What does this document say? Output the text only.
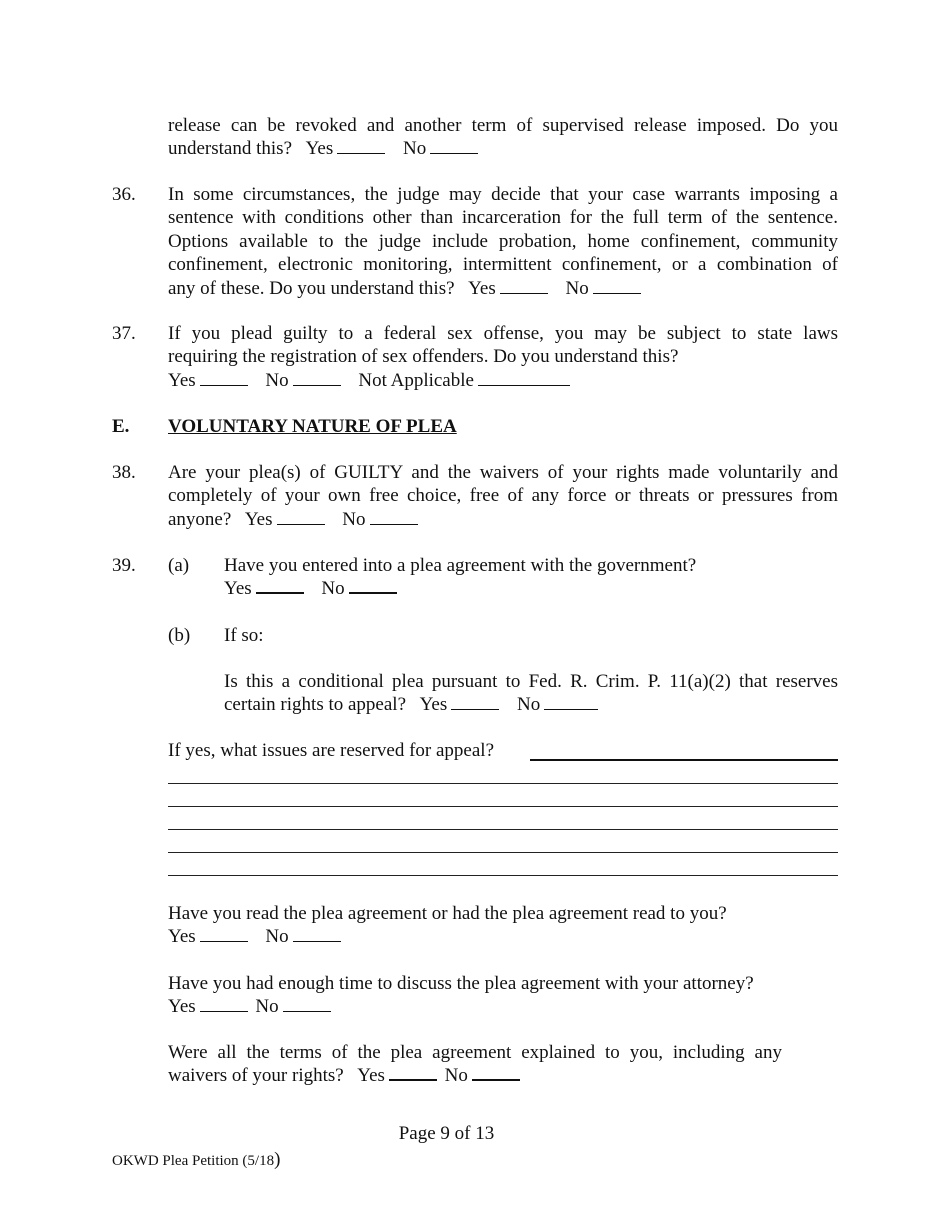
release can be revoked and another term of supervised release imposed. Do you
understand this? Yes	No
36. In some circumstances, the judge may decide that your case warrants imposing a
sentence with conditions other than incarceration for the full term of the sentence.
Options available to the judge include probation, home confinement, community
confinement, electronic monitoring, intermittent confinement, or a combination of
any of these. Do you understand this? Yes	No
37. If you plead guilty to a federal sex offense, you may be subject to state laws
requiring the registration of sex offenders. Do you understand this?
Yes	No	Not Applicable
E. VOLUNTARY NATURE OF PLEA
38. Are your plea(s) of GUILTY and the waivers of your rights made voluntarily and
completely of your own free choice, free of any force or threats or pressures from
anyone? Yes	No
39. (a) Have you entered into a plea agreement with the government?
Yes	No
(b) If so:
Is this a conditional plea pursuant to Fed. R. Crim. P. 11(a)(2) that reserves
certain rights to appeal? Yes	No
If yes, what issues are reserved for appeal?
Have you read the plea agreement or had the plea agreement read to you?
Yes	No
Have you had enough time to discuss the plea agreement with your attorney?
Yes	No
Were all the terms of the plea agreement explained to you, including any
waivers of your rights? Yes	No
Page 9 of 13
OKWD Plea Petition (5/18)
